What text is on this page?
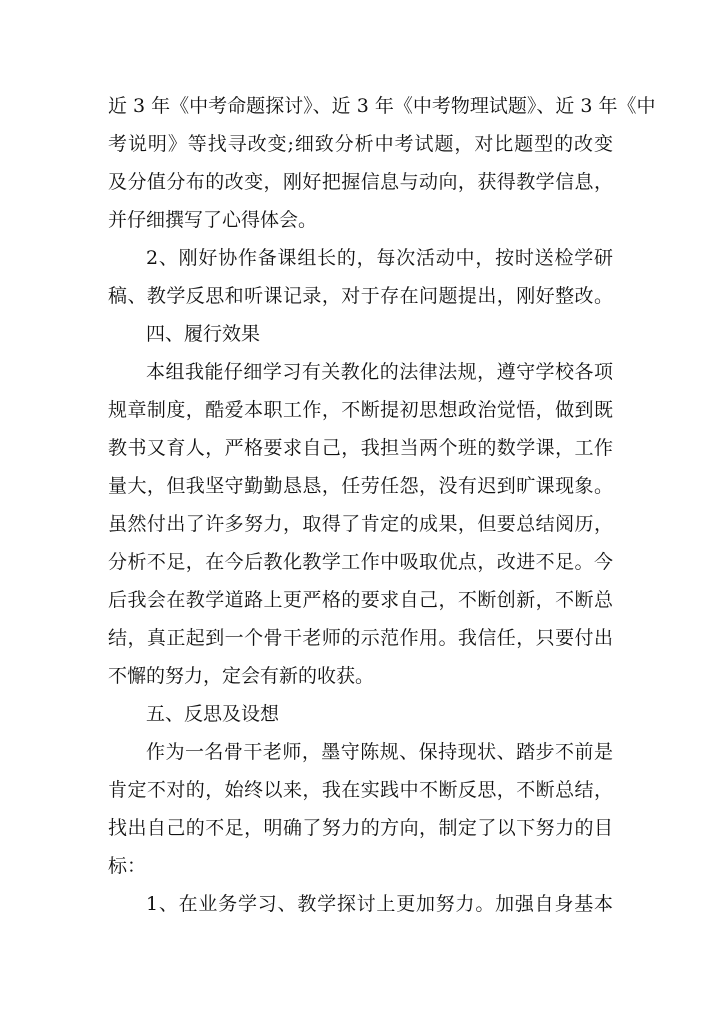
近 3 年《中考命题探讨》、近 3 年《中考物理试题》、近 3 年《中
考说明》等找寻改变;细致分析中考试题，对比题型的改变
及分值分布的改变，刚好把握信息与动向，获得教学信息，
并仔细撰写了心得体会。
2、刚好协作备课组长的，每次活动中，按时送检学研
稿、教学反思和听课记录，对于存在问题提出，刚好整改。
四、履行效果
本组我能仔细学习有关教化的法律法规，遵守学校各项
规章制度，酷爱本职工作，不断提初思想政治觉悟，做到既
教书又育人，严格要求自己，我担当两个班的数学课，工作
量大，但我坚守勤勤恳恳，任劳任怨，没有迟到旷课现象。
虽然付出了许多努力，取得了肯定的成果，但要总结阅历，
分析不足，在今后教化教学工作中吸取优点，改进不足。今
后我会在教学道路上更严格的要求自己，不断创新，不断总
结，真正起到一个骨干老师的示范作用。我信任，只要付出
不懈的努力，定会有新的收获。
五、反思及设想
作为一名骨干老师，墨守陈规、保持现状、踏步不前是
肯定不对的，始终以来，我在实践中不断反思，不断总结，
找出自己的不足，明确了努力的方向，制定了以下努力的目
标：
1、在业务学习、教学探讨上更加努力。加强自身基本
